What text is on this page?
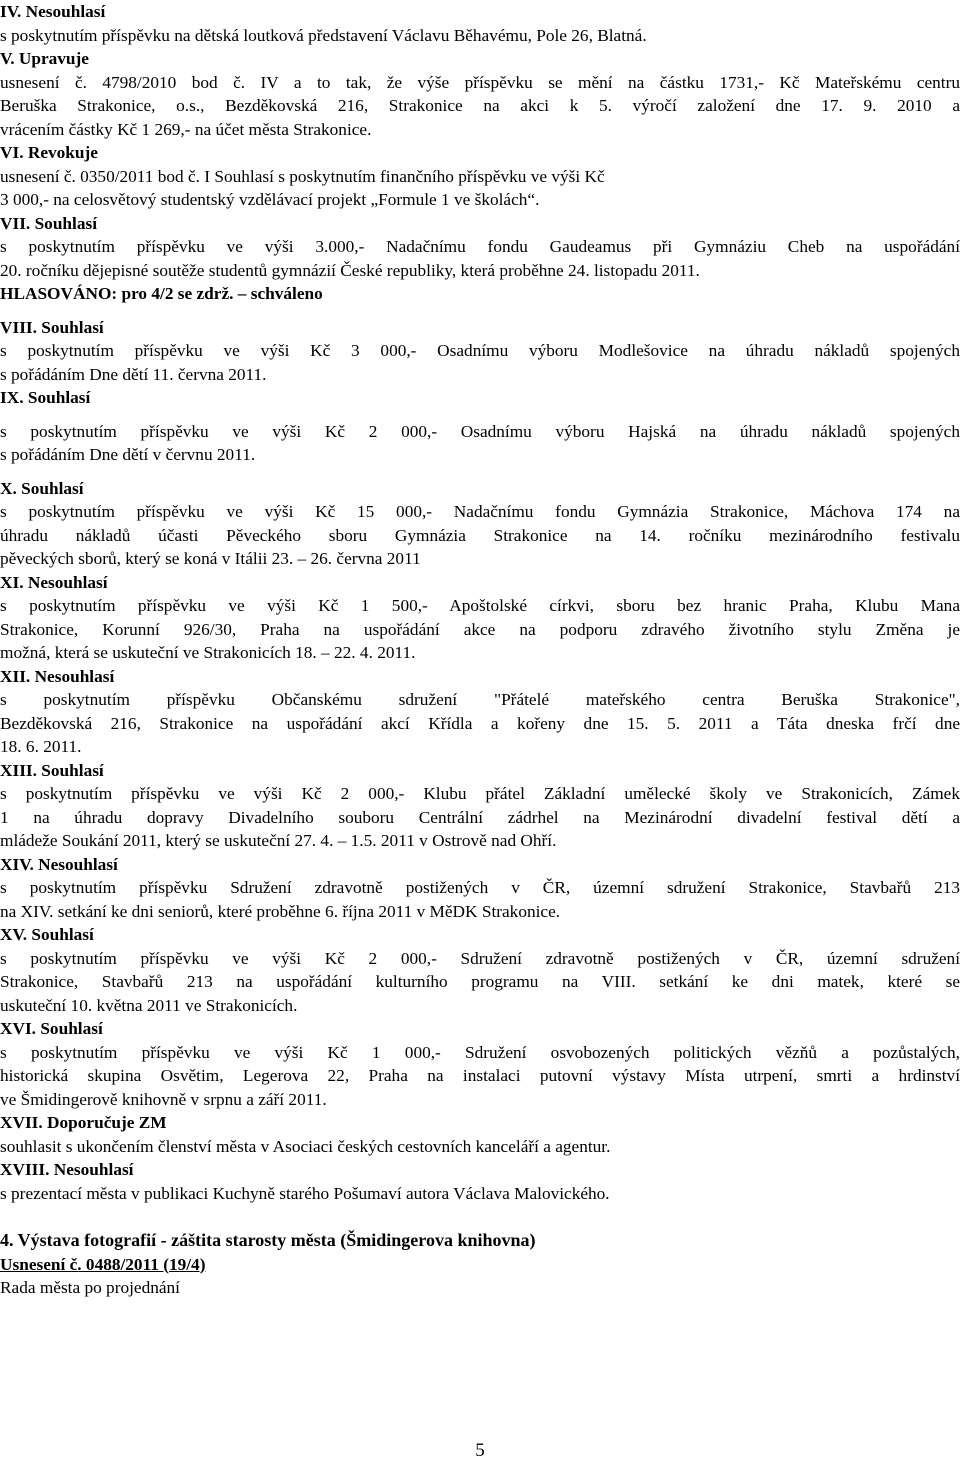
IV. Nesouhlasí
s poskytnutím příspěvku na dětská loutková představení Václavu Běhavému, Pole 26, Blatná.
V. Upravuje
usnesení č. 4798/2010 bod č. IV a to tak, že výše příspěvku se mění na částku 1731,- Kč Mateřskému centru
Beruška Strakonice, o.s., Bezděkovská 216, Strakonice na akci k 5. výročí založení dne 17. 9. 2010 a
vrácením částky Kč 1 269,- na účet města Strakonice.
VI. Revokuje
usnesení č. 0350/2011 bod č. I Souhlasí s poskytnutím finančního příspěvku ve výši Kč
3 000,- na celosvětový studentský vzdělávací projekt „Formule 1 ve školách“.
VII. Souhlasí
s poskytnutím příspěvku ve výši 3.000,- Nadačnímu fondu Gaudeamus při Gymnáziu Cheb na uspořádání
20. ročníku dějepisné soutěže studentů gymnázií České republiky, která proběhne 24. listopadu 2011.
HLASOVÁNO: pro 4/2 se zdrž. – schváleno
VIII. Souhlasí
s poskytnutím příspěvku ve výši Kč 3 000,- Osadnímu výboru Modlešovice na úhradu nákladů spojených
s pořádáním Dne dětí 11. června 2011.
IX. Souhlasí
s poskytnutím příspěvku ve výši Kč 2 000,- Osadnímu výboru Hajská na úhradu nákladů spojených
s pořádáním Dne dětí v červnu 2011.
X. Souhlasí
s poskytnutím příspěvku ve výši Kč 15 000,- Nadačnímu fondu Gymnázia Strakonice, Máchova 174 na
úhradu nákladů účasti Pěveckého sboru Gymnázia Strakonice na 14. ročníku mezinárodního festivalu
pěveckých sborů, který se koná v Itálii 23. – 26. června 2011
XI. Nesouhlasí
s poskytnutím příspěvku ve výši Kč 1 500,- Apoštolské církvi, sboru bez hranic Praha, Klubu Mana
Strakonice, Korunní 926/30, Praha na uspořádání akce na podporu zdravého životního stylu Změna je
možná, která se uskuteční ve Strakonicích 18. – 22. 4. 2011.
XII. Nesouhlasí
s poskytnutím příspěvku Občanskému sdružení "Přátelé mateřského centra Beruška Strakonice",
Bezděkovská 216, Strakonice na uspořádání akcí Křídla a kořeny dne 15. 5. 2011 a Táta dneska frčí dne
18. 6. 2011.
XIII. Souhlasí
s poskytnutím příspěvku ve výši Kč 2 000,- Klubu přátel Základní umělecké školy ve Strakonicích, Zámek
1 na úhradu dopravy Divadelního souboru Centrální zádrhel na Mezinárodní divadelní festival dětí a
mládeže Soukání 2011, který se uskuteční 27. 4. – 1.5. 2011 v Ostrově nad Ohří.
XIV. Nesouhlasí
s poskytnutím příspěvku Sdružení zdravotně postižených v ČR, územní sdružení Strakonice, Stavbařů 213
na XIV. setkání ke dni seniorů, které proběhne 6. října 2011 v MěDK Strakonice.
XV. Souhlasí
s poskytnutím příspěvku ve výši Kč 2 000,- Sdružení zdravotně postižených v ČR, územní sdružení
Strakonice, Stavbařů 213 na uspořádání kulturního programu na VIII. setkání ke dni matek, které se
uskuteční 10. května 2011 ve Strakonicích.
XVI. Souhlasí
s poskytnutím příspěvku ve výši Kč 1 000,- Sdružení osvobozených politických vězňů a pozůstalých,
historická skupina Osvětim, Legerova 22, Praha na instalaci putovní výstavy Místa utrpení, smrti a hrdinství
ve Šmidingerově knihovně v srpnu a září 2011.
XVII. Doporučuje ZM
souhlasit s ukončením členství města v Asociaci českých cestovních kanceláří a agentur.
XVIII. Nesouhlasí
s prezentací města v publikaci Kuchyně starého Pošumaví autora Václava Malovického.
4. Výstava fotografií - záštita starosty města (Šmidingerova knihovna)
Usnesení č. 0488/2011 (19/4)
Rada města po projednání
5
